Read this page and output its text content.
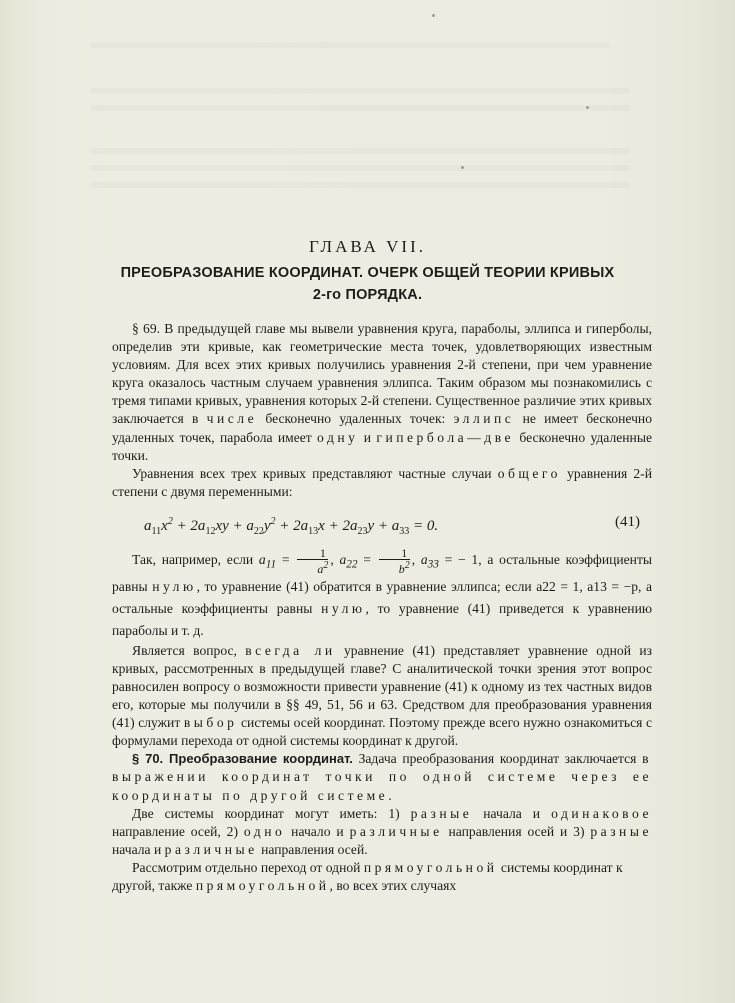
ГЛАВА VII.
ПРЕОБРАЗОВАНИЕ КООРДИНАТ. ОЧЕРК ОБЩЕЙ ТЕОРИИ КРИВЫХ
2-го ПОРЯДКА.

§ 69. В предыдущей главе мы вывели уравнения круга, параболы, эллипса и гиперболы, определив эти кривые, как геометрические места точек, удовлетворяющих известным условиям. Для всех этих кривых получились уравнения 2-й степени, при чем уравнение круга оказалось частным случаем уравнения эллипса. Таким образом мы познакомились с тремя типами кривых, уравнения которых 2-й степени. Существенное различие этих кривых заключается в числе бесконечно удаленных точек: эллипс не имеет бесконечно удаленных точек, парабола имеет одну и гипербола—две бесконечно удаленные точки.

Уравнения всех трех кривых представляют частные случаи общего уравнения 2-й степени с двумя переменными:

$a_{11}x^2 + 2a_{12}xy + a_{22}y^2 + 2a_{13}x + 2a_{23}y + a_{33} = 0$.	(41)

Так, например, если $a_{11} = \frac{1}{a^2}$ , $a_{22} = \frac{1}{b^2}$ , $a_{33}$ = − 1, а остальные коэффициенты равны нулю, то уравнение (41) обратится в уравнение эллипса; если a22 = 1, a13 = −p, а остальные коэффициенты равны нулю, то уравнение (41) приведется к уравнению параболы и т. д.

Является вопрос, всегда ли уравнение (41) представляет уравнение одной из кривых, рассмотренных в предыдущей главе? С аналитической точки зрения этот вопрос равносилен вопросу о возможности привести уравнение (41) к одному из тех частных видов его, которые мы получили в §§ 49, 51, 56 и 63. Средством для преобразования уравнения (41) служит выбор системы осей координат. Поэтому прежде всего нужно ознакомиться с формулами перехода от одной системы координат к другой.

§ 70. Преобразование координат. Задача преобразования координат заключается в выражении координат точки по одной системе через ее координаты по другой системе.

Две системы координат могут иметь: 1) разные начала и одинаковое направление осей, 2) одно начало и различные направления осей и 3) разные начала и различные направления осей.

Рассмотрим отдельно переход от одной прямоугольной системы координат к другой, также прямоугольной, во всех этих случаях
